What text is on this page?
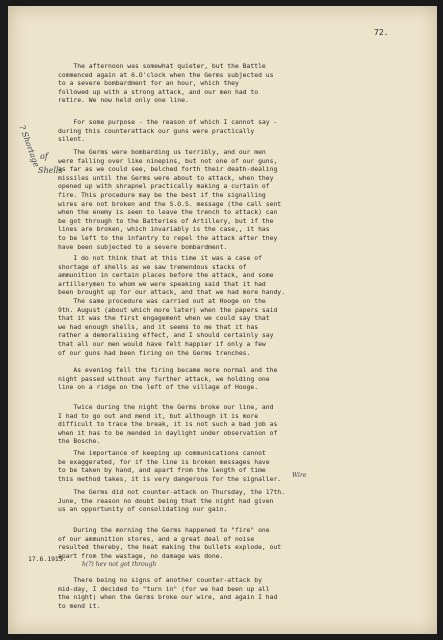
72.
? Shortage
of
Shells
17.6.1915.
Wire
h(?) hev not got through
The afternoon was somewhat quieter, but the Battle
commenced again at 6.O'clock when the Germs subjected us
to a severe bombardment for an hour, which they
followed up with a strong attack, and our men had to
retire. We now held only one line.
For some purpose - the reason of which I cannot say -
during this counterattack our guns were practically
silent.
The Germs were bombarding us terribly, and our men
were falling over like ninepins, but not one of our guns,
as far as we could see, belched forth their death-dealing
missiles until the Germs were about to attack, when they
opened up with shrapnel practically making a curtain of
fire. This procedure may be the best if the signalling
wires are not broken and the S.O.S. message (the call sent
when the enemy is seen to leave the trench to attack) can
be got through to the Batteries of Artillery, but if the
lines are broken, which invariably is the case,, it has
to be left to the infantry to repel the attack after they
have been subjected to a severe bombardment.
I do not think that at this time it was a case of
shortage of shells as we saw tremendous stacks of
ammunition in certain places before the attack, and some
artillerymen to whom we were speaking said that it had
been brought up for our attack, and that we had more handy.
The same procedure was carried out at Hooge on the
9th. August (about which more later) when the papers said
that it was the first engagement when we could say that
we had enough shells, and it seems to me that it has
rather a demoralising effect, and I should certainly say
that all our men would have felt happier if only a few
of our guns had been firing on the Germs trenches.
As evening fell the firing became more normal and the
night passed without any further attack, we holding one
line on a ridge on the left of the village of Hooge.
Twice during the night the Germs broke our line, and
I had to go out and mend it, but although it is more
difficult to trace the break, it is not such a bad job as
when it has to be mended in daylight under observation of
the Bosche.
The importance of keeping up communications cannot
be exaggerated, for if the line is broken messages have
to be taken by hand, and apart from the length of time
this method takes, it is very dangerous for the signaller.
The Germs did not counter-attack on Thursday, the 17th.
June, the reason no doubt being that the night had given
us an opportunity of consolidating our gain.
During the morning the Germs happened to "fire" one
of our ammunition stores, and a great deal of noise
resulted thereby, the heat making the bullets explode, out
apart from the wastage, no damage was done.
There being no signs of another counter-attack by
mid-day, I decided to "turn in" (for we had been up all
the night) when the Germs broke our wire, and again I had
to mend it.
